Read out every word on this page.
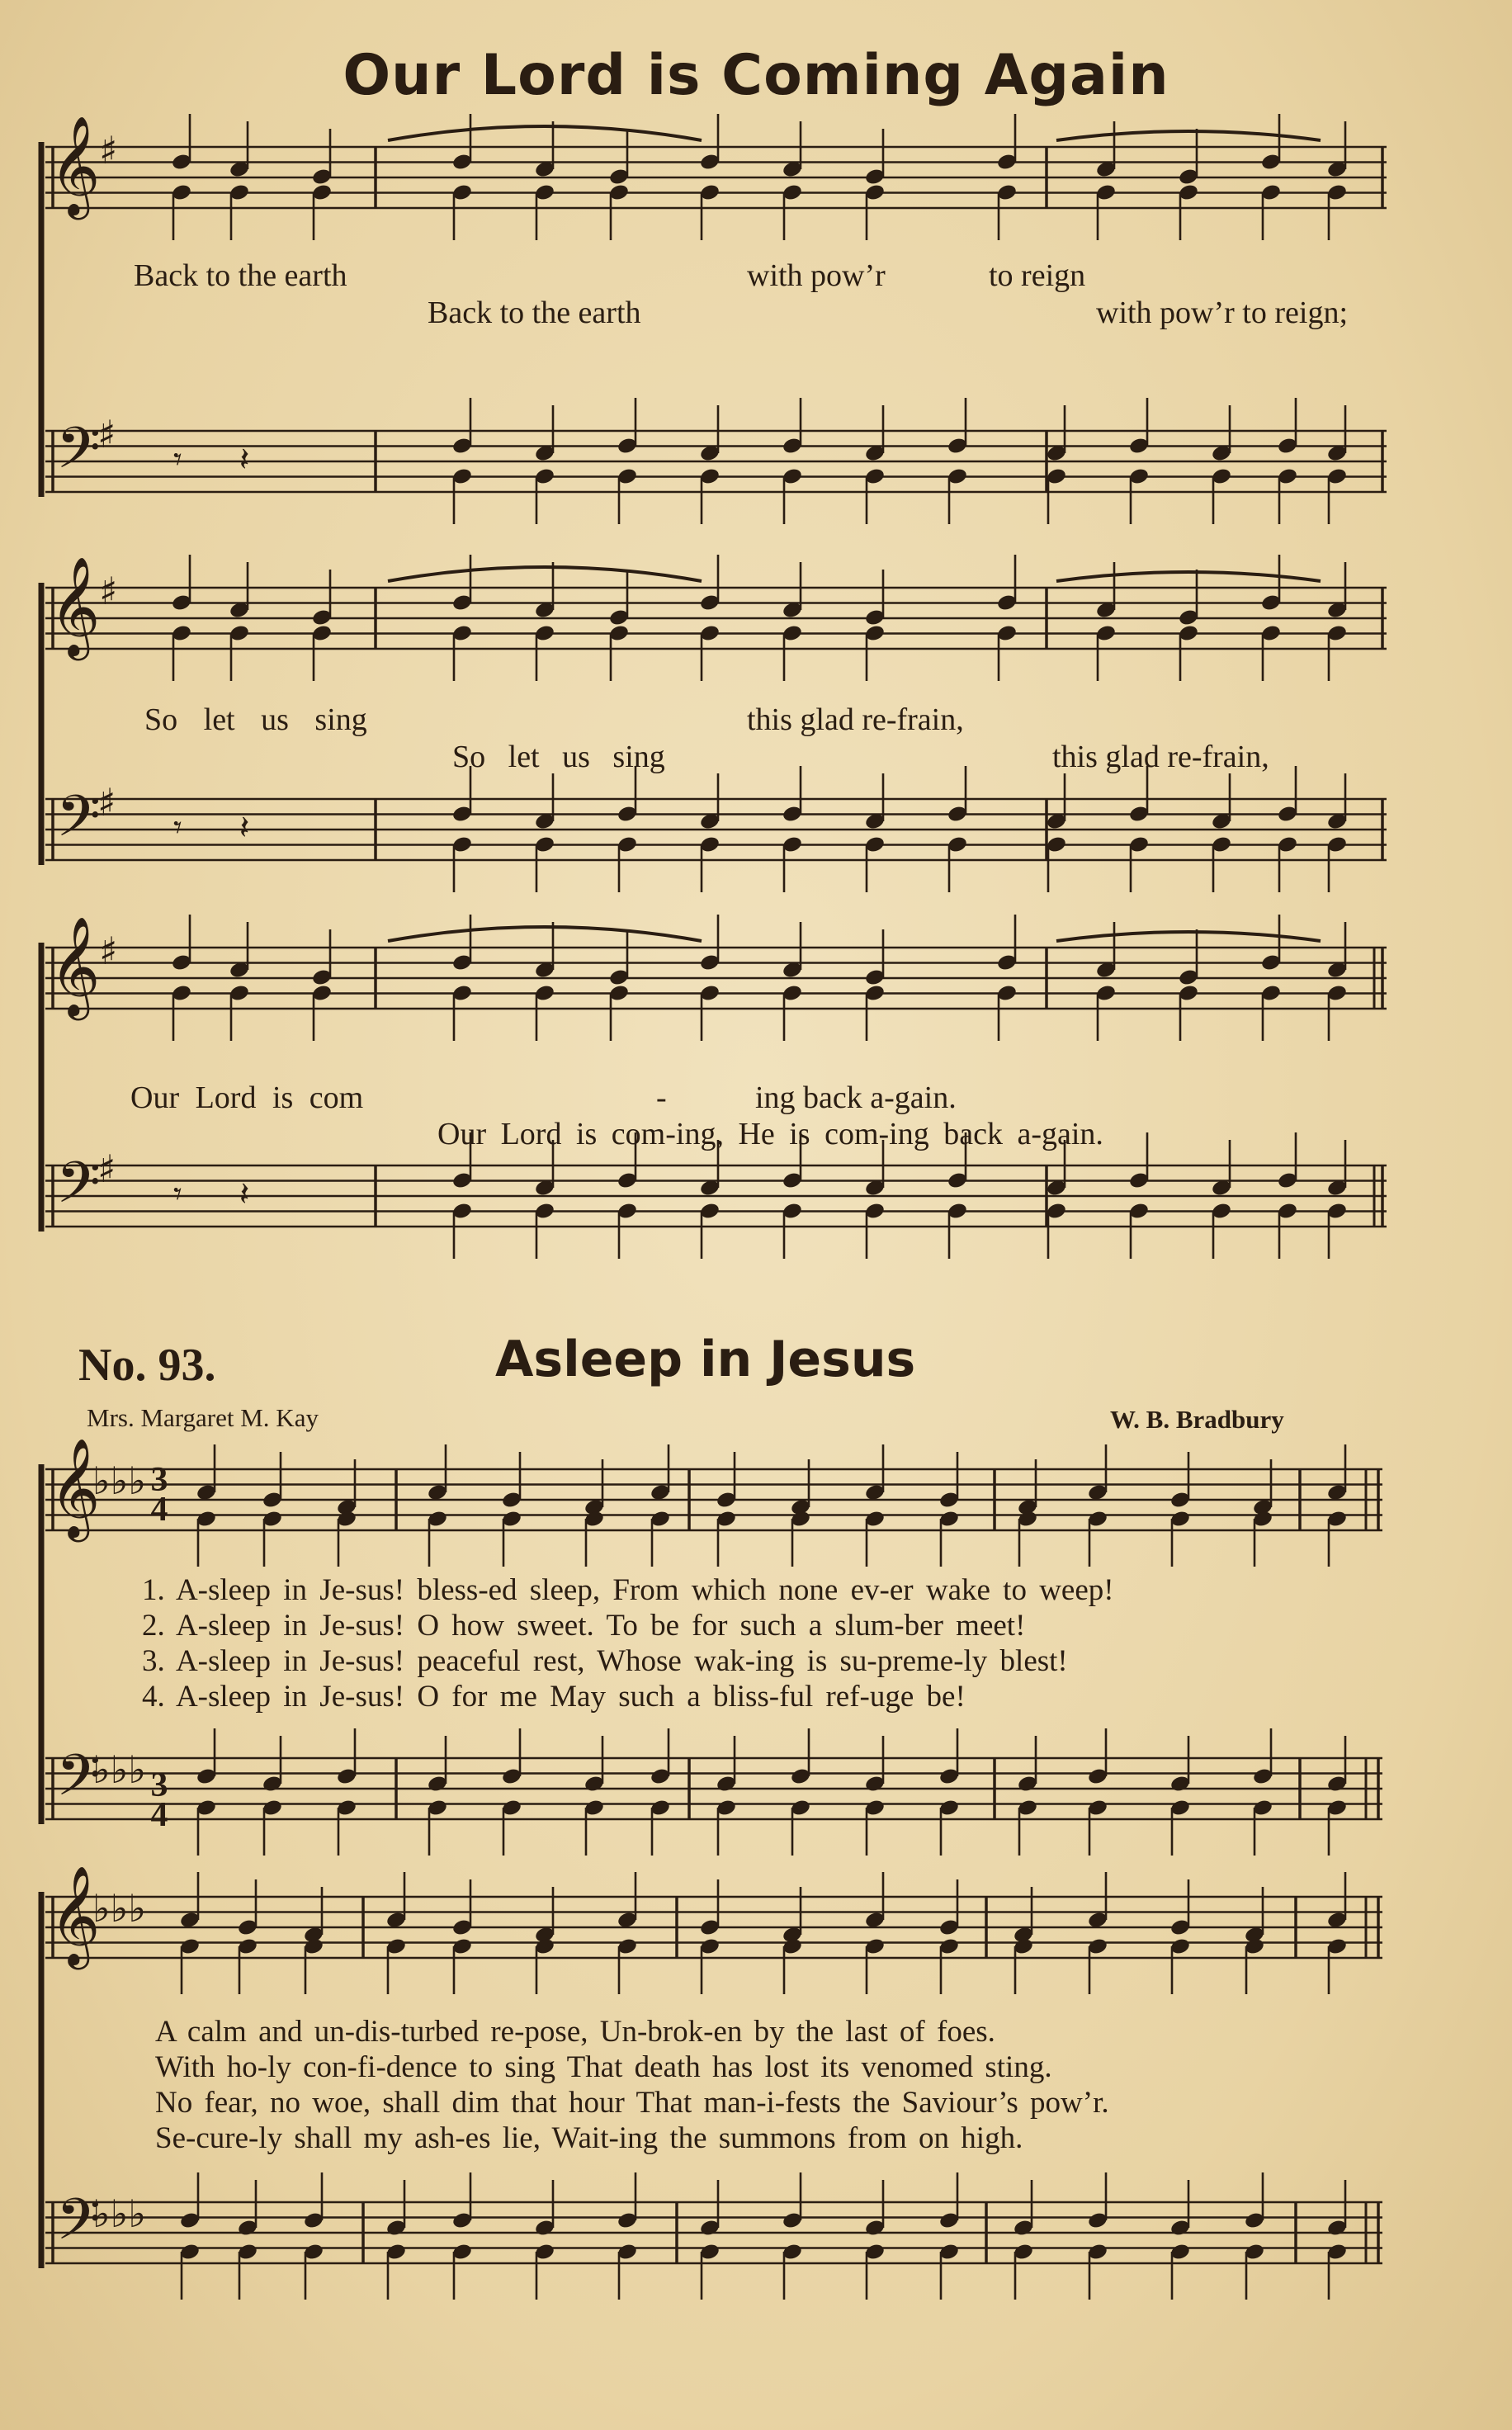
Our Lord is Coming Again
Back to the earth	with pow’r	to reign
Back to the earth	with pow’r to reign;
So let us sing	this glad re-frain,
So let us sing	this glad re-frain,
Our Lord is com	-	ing back a-gain.
Our Lord is com-ing, He is com-ing back a-gain.
No. 93.	Asleep in Jesus
Mrs. Margaret M. Kay	W. B. Bradbury
1. A-sleep in Je-sus! bless-ed sleep, From which none ev-er wake to weep!
2. A-sleep in Je-sus! O how sweet. To be for such a slum-ber meet!
3. A-sleep in Je-sus! peaceful rest, Whose wak-ing is su-preme-ly blest!
4. A-sleep in Je-sus! O for me May such a bliss-ful ref-uge be!
A calm and un-dis-turbed re-pose, Un-brok-en by the last of foes.
With ho-ly con-fi-dence to sing That death has lost its venomed sting.
No fear, no woe, shall dim that hour That man-i-fests the Saviour’s pow’r.
Se-cure-ly shall my ash-es lie, Wait-ing the summons from on high.
3
4
3
4
𝄞
♯
𝄢
♯
𝄾 𝄽
𝄞
♯
𝄢
♯
𝄾 𝄽
𝄞
♯
𝄢
♯
𝄾 𝄽
𝄞
♭♭♭
𝄢
♭♭♭
𝄞
♭♭♭
𝄢
♭♭♭
